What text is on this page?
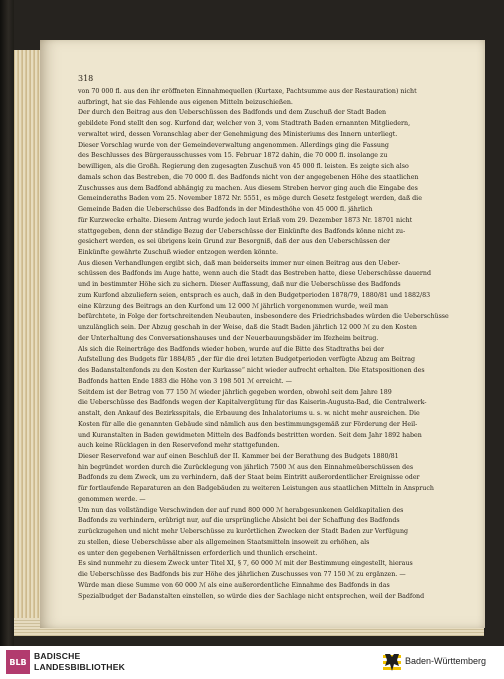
318
von 70 000 fl. aus den ihr eröffneten Einnahmequellen (Kurtaxe, Pachtsumme aus der Restauration) nicht
aufbringt, hat sie das Fehlende aus eigenen Mitteln beizuschießen.
Der durch den Beitrag aus den Ueberschüssen des Badfonds und dem Zuschuß der Stadt Baden
gebildete Fond stellt den sog. Kurfond dar, welcher von 3, vom Stadtrath Baden ernannten Mitgliedern,
verwaltet wird, dessen Voranschlag aber der Genehmigung des Ministeriums des Innern unterliegt.
Dieser Vorschlag wurde von der Gemeindeverwaltung angenommen. Allerdings ging die Fassung
des Beschlusses des Bürgerausschusses vom 15. Februar 1872 dahin, die 70 000 fl. insolange zu
bewilligen, als die Großh. Regierung den zugesagten Zuschuß von 45 000 fl. leisten. Es zeigte sich also
damals schon das Bestreben, die 70 000 fl. des Badfonds nicht von der angegebenen Höhe des staatlichen
Zuschusses aus dem Badfond abhängig zu machen. Aus diesem Streben hervor ging auch die Eingabe des
Gemeinderaths Baden vom 25. November 1872 Nr. 5551, es möge durch Gesetz festgelegt werden, daß die
Gemeinde Baden die Ueberschüsse des Badfonds in der Mindesthöhe von 45 000 fl. jährlich
für Kurzwecke erhalte. Diesem Antrag wurde jedoch laut Erlaß vom 29. Dezember 1873 Nr. 18701 nicht
stattgegeben, denn der ständige Bezug der Ueberschüsse der Einkünfte des Badfonds könne nicht zu-
gesichert werden, es sei übrigens kein Grund zur Besorgniß, daß der aus den Ueberschüssen der
Einkünfte gewährte Zuschuß wieder entzogen werden könnte.
Aus diesen Verhandlungen ergibt sich, daß man beiderseits immer nur einen Beitrag aus den Ueber-
schüssen des Badfonds im Auge hatte, wenn auch die Stadt das Bestreben hatte, diese Ueberschüsse dauernd
und in bestimmter Höhe sich zu sichern. Dieser Auffassung, daß nur die Ueberschüsse des Badfonds
zum Kurfond abzuliefern seien, entsprach es auch, daß in den Budgetperioden 1878/79, 1880/81 und 1882/83
eine Kürzung des Beitrags an den Kurfond um 12 000 ℳ jährlich vorgenommen wurde, weil man
befürchtete, in Folge der fortschreitenden Neubauten, insbesondere des Friedrichsbades würden die Ueberschüsse
unzulänglich sein. Der Abzug geschah in der Weise, daß die Stadt Baden jährlich 12 000 ℳ zu den Kosten
der Unterhaltung des Conversationshauses und der Neuerbauungsbäder im Ifezheim beitrug.
Als sich die Reinerträge des Badfonds wieder hoben, wurde auf die Bitte des Stadtraths bei der
Aufstellung des Budgets für 1884/85 „der für die drei letzten Budgetperioden verfügte Abzug am Beitrag
des Badanstaltenfonds zu den Kosten der Kurkasse“ nicht wieder aufrecht erhalten. Die Etatspositionen des
Badfonds hatten Ende 1883 die Höhe von 3 198 501 ℳ erreicht. —
Seitdem ist der Betrag von 77 150 ℳ wieder jährlich gegeben worden, obwohl seit dem Jahre 189
die Ueberschüsse des Badfonds wegen der Kapitalvergütung für das Kaiserin-Augusta-Bad, die Centralwerk-
anstalt, den Ankauf des Bezirksspitals, die Erbauung des Inhalatoriums u. s. w. nicht mehr ausreichen. Die
Kosten für alle die genannten Gebäude sind nämlich aus den bestimmungsgemäß zur Förderung der Heil-
und Kuranstalten in Baden gewidmeten Mitteln des Badfonds bestritten worden. Seit dem Jahr 1892 haben
auch keine Rücklagen in den Reservefond mehr stattgefunden.
Dieser Reservefond war auf einen Beschluß der II. Kammer bei der Berathung des Budgets 1880/81
hin begründet worden durch die Zurücklegung von jährlich 7500 ℳ aus den Einnahmeüberschüssen des
Badfonds zu dem Zweck, um zu verhindern, daß der Staat beim Eintritt außerordentlicher Ereignisse oder
für fortlaufende Reparaturen an den Badgebäuden zu weiteren Leistungen aus staatlichen Mitteln in Anspruch
genommen werde. —
Um nun das vollständige Verschwinden der auf rund 800 000 ℳ herabgesunkenen Geldkapitalien des
Badfonds zu verhindern, erübrigt nur, auf die ursprüngliche Absicht bei der Schaffung des Badfonds
zurückzugehen und nicht mehr Ueberschüsse zu kurörtlichen Zwecken der Stadt Baden zur Verfügung
zu stellen, diese Ueberschüsse aber als allgemeinen Staatsmitteln insoweit zu erhöhen, als
es unter den gegebenen Verhältnissen erforderlich und thunlich erscheint.
Es sind nunmehr zu diesem Zweck unter Titel XI, § 7, 60 000 ℳ mit der Bestimmung eingestellt, hieraus
die Ueberschüsse des Badfonds bis zur Höhe des jährlichen Zuschusses von 77 150 ℳ zu ergänzen. —
Würde man diese Summe von 60 000 ℳ als eine außerordentliche Einnahme des Badfonds in das
Spezialbudget der Badanstalten einstellen, so würde dies der Sachlage nicht entsprechen, weil der Badfond
BLB
BADISCHE
LANDESBIBLIOTHEK
Baden-Württemberg
